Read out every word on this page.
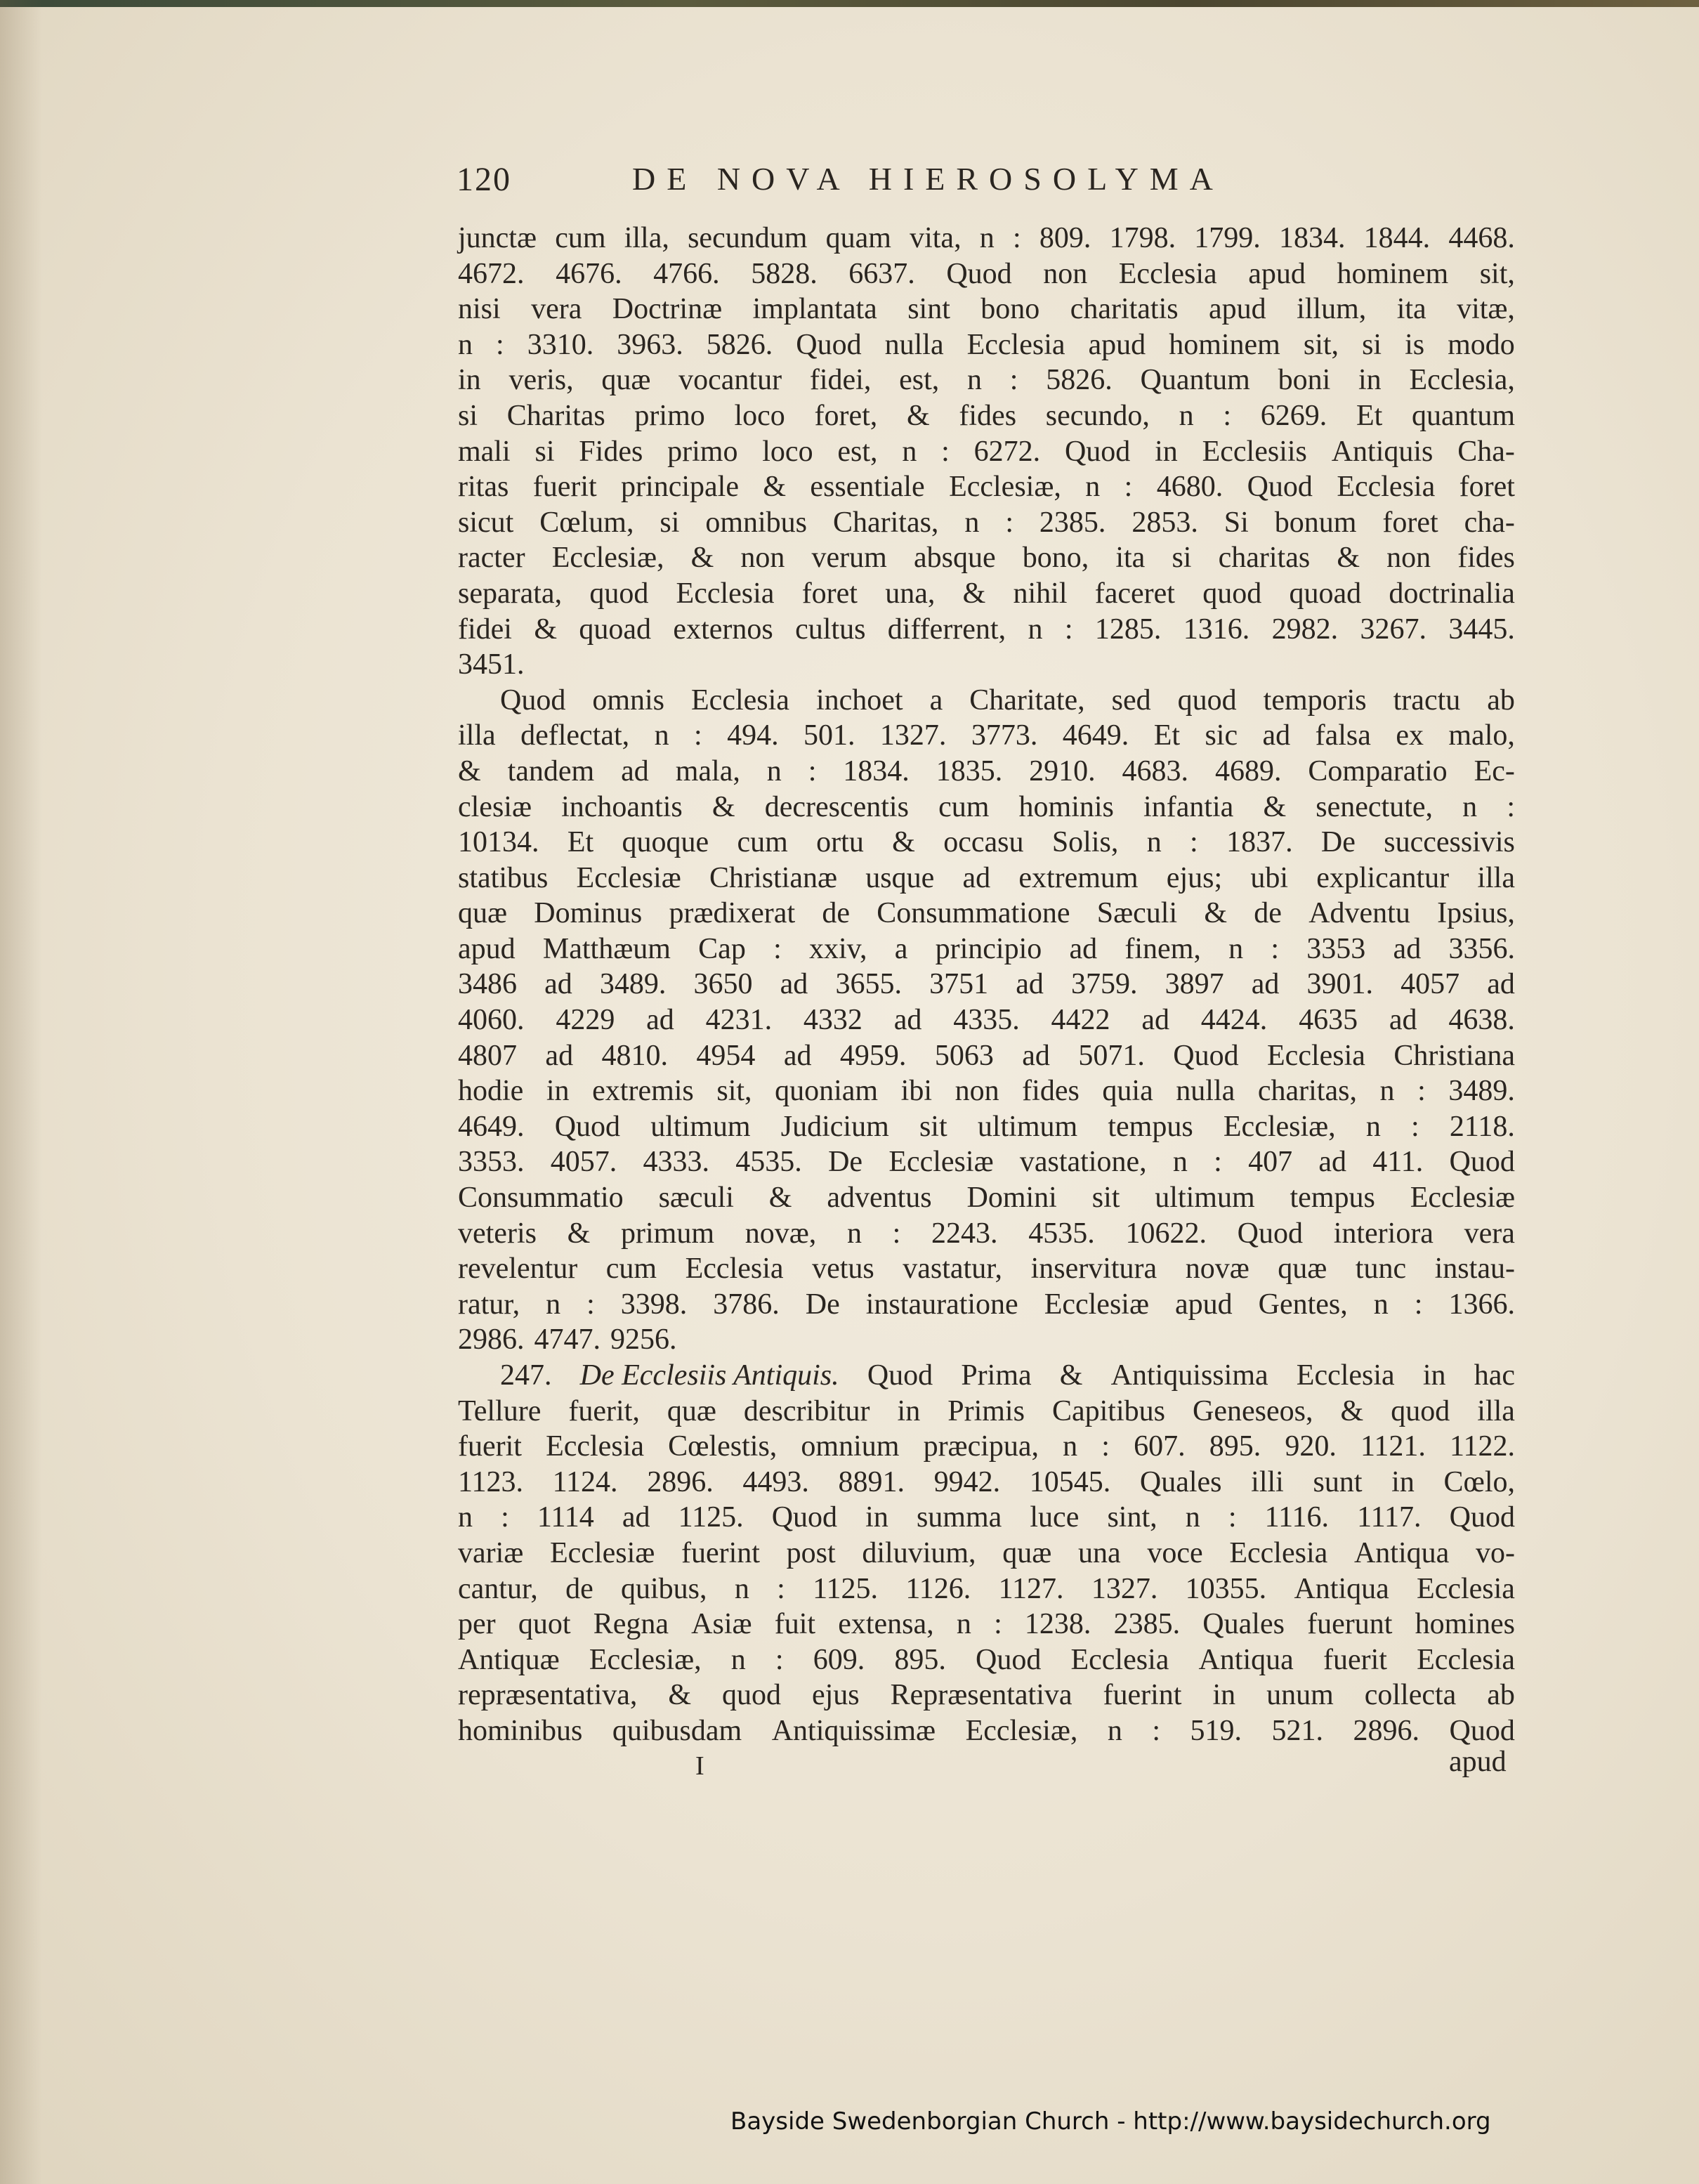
120	DE NOVA HIEROSOLYMA
junctæ cum illa, secundum quam vita, n : 809. 1798. 1799. 1834. 1844. 4468.
4672. 4676. 4766. 5828. 6637. Quod non Ecclesia apud hominem sit,
nisi vera Doctrinæ implantata sint bono charitatis apud illum, ita vitæ,
n : 3310. 3963. 5826. Quod nulla Ecclesia apud hominem sit, si is modo
in veris, quæ vocantur fidei, est, n : 5826. Quantum boni in Ecclesia,
si Charitas primo loco foret, & fides secundo, n : 6269. Et quantum
mali si Fides primo loco est, n : 6272. Quod in Ecclesiis Antiquis Cha-
ritas fuerit principale & essentiale Ecclesiæ, n : 4680. Quod Ecclesia foret
sicut Cœlum, si omnibus Charitas, n : 2385. 2853. Si bonum foret cha-
racter Ecclesiæ, & non verum absque bono, ita si charitas & non fides
separata, quod Ecclesia foret una, & nihil faceret quod quoad doctrinalia
fidei & quoad externos cultus differrent, n : 1285. 1316. 2982. 3267. 3445.
3451.
Quod omnis Ecclesia inchoet a Charitate, sed quod temporis tractu ab
illa deflectat, n : 494. 501. 1327. 3773. 4649. Et sic ad falsa ex malo,
& tandem ad mala, n : 1834. 1835. 2910. 4683. 4689. Comparatio Ec-
clesiæ inchoantis & decrescentis cum hominis infantia & senectute, n :
10134. Et quoque cum ortu & occasu Solis, n : 1837. De successivis
statibus Ecclesiæ Christianæ usque ad extremum ejus; ubi explicantur illa
quæ Dominus prædixerat de Consummatione Sæculi & de Adventu Ipsius,
apud Matthæum Cap : xxiv, a principio ad finem, n : 3353 ad 3356.
3486 ad 3489. 3650 ad 3655. 3751 ad 3759. 3897 ad 3901. 4057 ad
4060. 4229 ad 4231. 4332 ad 4335. 4422 ad 4424. 4635 ad 4638.
4807 ad 4810. 4954 ad 4959. 5063 ad 5071. Quod Ecclesia Christiana
hodie in extremis sit, quoniam ibi non fides quia nulla charitas, n : 3489.
4649. Quod ultimum Judicium sit ultimum tempus Ecclesiæ, n : 2118.
3353. 4057. 4333. 4535. De Ecclesiæ vastatione, n : 407 ad 411. Quod
Consummatio sæculi & adventus Domini sit ultimum tempus Ecclesiæ
veteris & primum novæ, n : 2243. 4535. 10622. Quod interiora vera
revelentur cum Ecclesia vetus vastatur, inservitura novæ quæ tunc instau-
ratur, n : 3398. 3786. De instauratione Ecclesiæ apud Gentes, n : 1366.
2986. 4747. 9256.
247. De Ecclesiis Antiquis. Quod Prima & Antiquissima Ecclesia in hac
Tellure fuerit, quæ describitur in Primis Capitibus Geneseos, & quod illa
fuerit Ecclesia Cœlestis, omnium præcipua, n : 607. 895. 920. 1121. 1122.
1123. 1124. 2896. 4493. 8891. 9942. 10545. Quales illi sunt in Cœlo,
n : 1114 ad 1125. Quod in summa luce sint, n : 1116. 1117. Quod
variæ Ecclesiæ fuerint post diluvium, quæ una voce Ecclesia Antiqua vo-
cantur, de quibus, n : 1125. 1126. 1127. 1327. 10355. Antiqua Ecclesia
per quot Regna Asiæ fuit extensa, n : 1238. 2385. Quales fuerunt homines
Antiquæ Ecclesiæ, n : 609. 895. Quod Ecclesia Antiqua fuerit Ecclesia
repræsentativa, & quod ejus Repræsentativa fuerint in unum collecta ab
hominibus quibusdam Antiquissimæ Ecclesiæ, n : 519. 521. 2896. Quod
I	apud
Bayside Swedenborgian Church - http://www.baysidechurch.org
